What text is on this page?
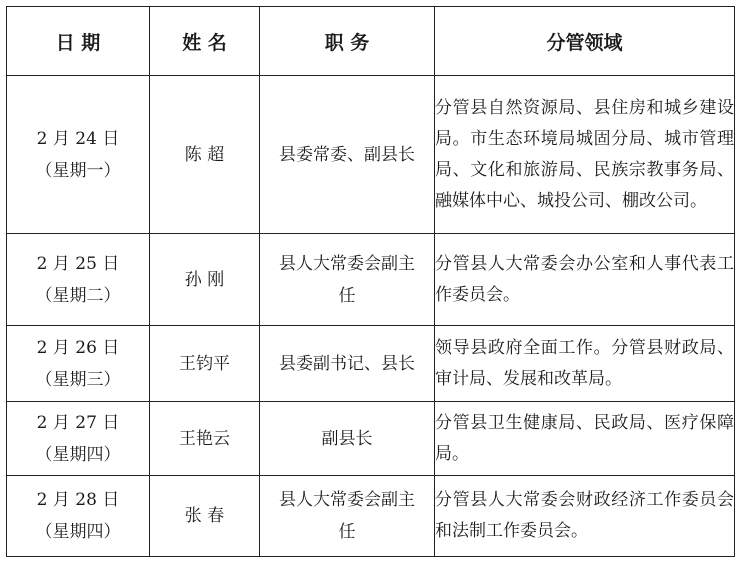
日 期	姓 名	职 务	分管领域

2 月 24 日
（星期一）	陈 超	县委常委、副县长	分管县自然资源局、县住房和城乡建设局。市生态环境局城固分局、城市管理局、文化和旅游局、民族宗教事务局、融媒体中心、城投公司、棚改公司。

2 月 25 日
（星期二）	孙 刚	县人大常委会副主任	分管县人大常委会办公室和人事代表工作委员会。

2 月 26 日
（星期三）	王钧平	县委副书记、县长	领导县政府全面工作。分管县财政局、审计局、发展和改革局。

2 月 27 日
（星期四）	王艳云	副县长	分管县卫生健康局、民政局、医疗保障局。

2 月 28 日
（星期四）	张 春	县人大常委会副主任	分管县人大常委会财政经济工作委员会和法制工作委员会。
